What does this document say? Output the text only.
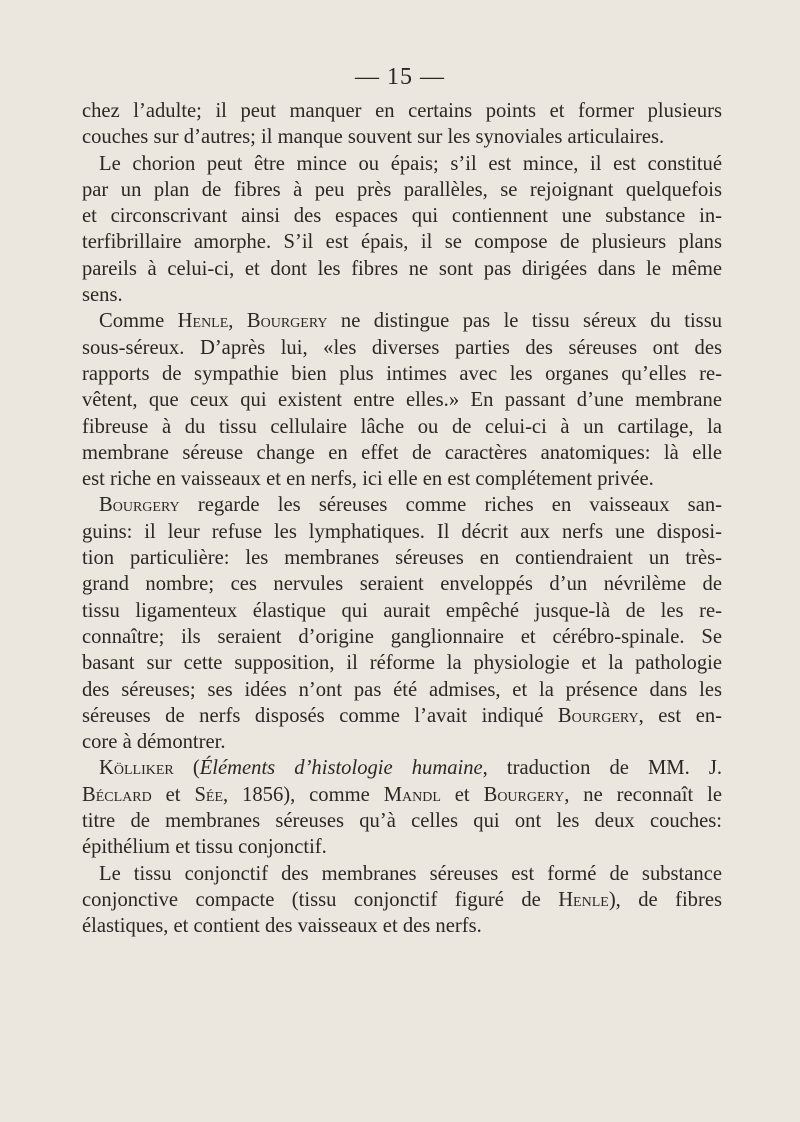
— 15 —
chez l’adulte; il peut manquer en certains points et former plusieurs
couches sur d’autres; il manque souvent sur les synoviales articulaires.
Le chorion peut être mince ou épais; s’il est mince, il est constitué
par un plan de fibres à peu près parallèles, se rejoignant quelquefois
et circonscrivant ainsi des espaces qui contiennent une substance in-
terfibrillaire amorphe. S’il est épais, il se compose de plusieurs plans
pareils à celui-ci, et dont les fibres ne sont pas dirigées dans le même
sens.
Comme Henle, Bourgery ne distingue pas le tissu séreux du tissu
sous-séreux. D’après lui, «les diverses parties des séreuses ont des
rapports de sympathie bien plus intimes avec les organes qu’elles re-
vêtent, que ceux qui existent entre elles.» En passant d’une membrane
fibreuse à du tissu cellulaire lâche ou de celui-ci à un cartilage, la
membrane séreuse change en effet de caractères anatomiques: là elle
est riche en vaisseaux et en nerfs, ici elle en est complétement privée.
Bourgery regarde les séreuses comme riches en vaisseaux san-
guins: il leur refuse les lymphatiques. Il décrit aux nerfs une disposi-
tion particulière: les membranes séreuses en contiendraient un très-
grand nombre; ces nervules seraient enveloppés d’un névrilème de
tissu ligamenteux élastique qui aurait empêché jusque-là de les re-
connaître; ils seraient d’origine ganglionnaire et cérébro-spinale. Se
basant sur cette supposition, il réforme la physiologie et la pathologie
des séreuses; ses idées n’ont pas été admises, et la présence dans les
séreuses de nerfs disposés comme l’avait indiqué Bourgery, est en-
core à démontrer.
Kölliker (Éléments d’histologie humaine, traduction de MM. J.
Béclard et Sée, 1856), comme Mandl et Bourgery, ne reconnaît le
titre de membranes séreuses qu’à celles qui ont les deux couches:
épithélium et tissu conjonctif.
Le tissu conjonctif des membranes séreuses est formé de substance
conjonctive compacte (tissu conjonctif figuré de Henle), de fibres
élastiques, et contient des vaisseaux et des nerfs.
